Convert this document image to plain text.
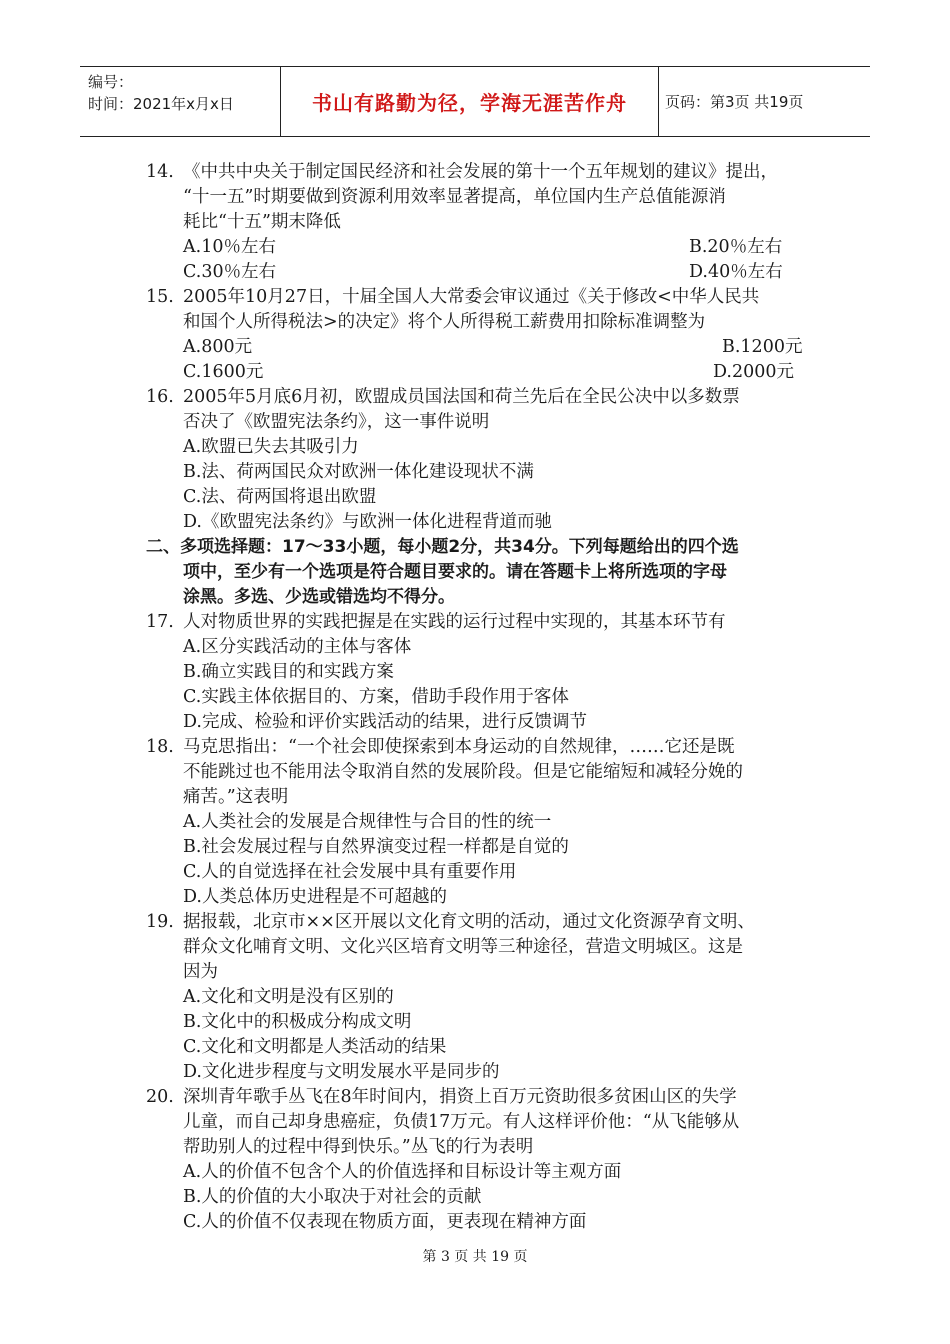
编号：
时间：2021年x月x日	书山有路勤为径，学海无涯苦作舟	页码：第3页 共19页
14. 《中共中央关于制定国民经济和社会发展的第十一个五年规划的建议》提出，
“十一五”时期要做到资源利用效率显著提高，单位国内生产总值能源消
耗比“十五”期末降低
A.10％左右	B.20％左右
C.30％左右	D.40％左右
15. 2005年10月27日，十届全国人大常委会审议通过《关于修改<中华人民共
和国个人所得税法>的决定》将个人所得税工薪费用扣除标准调整为
A.800元	B.1200元
C.1600元	D.2000元
16. 2005年5月底6月初，欧盟成员国法国和荷兰先后在全民公决中以多数票
否决了《欧盟宪法条约》，这一事件说明
A.欧盟已失去其吸引力
B.法、荷两国民众对欧洲一体化建设现状不满
C.法、荷两国将退出欧盟
D.《欧盟宪法条约》与欧洲一体化进程背道而驰
二、多项选择题：17～33小题，每小题2分，共34分。下列每题给出的四个选
项中，至少有一个选项是符合题目要求的。请在答题卡上将所选项的字母
涂黑。多选、少选或错选均不得分。
17. 人对物质世界的实践把握是在实践的运行过程中实现的，其基本环节有
A.区分实践活动的主体与客体
B.确立实践目的和实践方案
C.实践主体依据目的、方案，借助手段作用于客体
D.完成、检验和评价实践活动的结果，进行反馈调节
18. 马克思指出：“一个社会即使探索到本身运动的自然规律，……它还是既
不能跳过也不能用法令取消自然的发展阶段。但是它能缩短和减轻分娩的
痛苦。”这表明
A.人类社会的发展是合规律性与合目的性的统一
B.社会发展过程与自然界演变过程一样都是自觉的
C.人的自觉选择在社会发展中具有重要作用
D.人类总体历史进程是不可超越的
19. 据报载，北京市××区开展以文化育文明的活动，通过文化资源孕育文明、
群众文化哺育文明、文化兴区培育文明等三种途径，营造文明城区。这是
因为
A.文化和文明是没有区别的
B.文化中的积极成分构成文明
C.文化和文明都是人类活动的结果
D.文化进步程度与文明发展水平是同步的
20. 深圳青年歌手丛飞在8年时间内，捐资上百万元资助很多贫困山区的失学
儿童，而自己却身患癌症，负债17万元。有人这样评价他：“从飞能够从
帮助别人的过程中得到快乐。”丛飞的行为表明
A.人的价值不包含个人的价值选择和目标设计等主观方面
B.人的价值的大小取决于对社会的贡献
C.人的价值不仅表现在物质方面，更表现在精神方面
第 3 页 共 19 页
